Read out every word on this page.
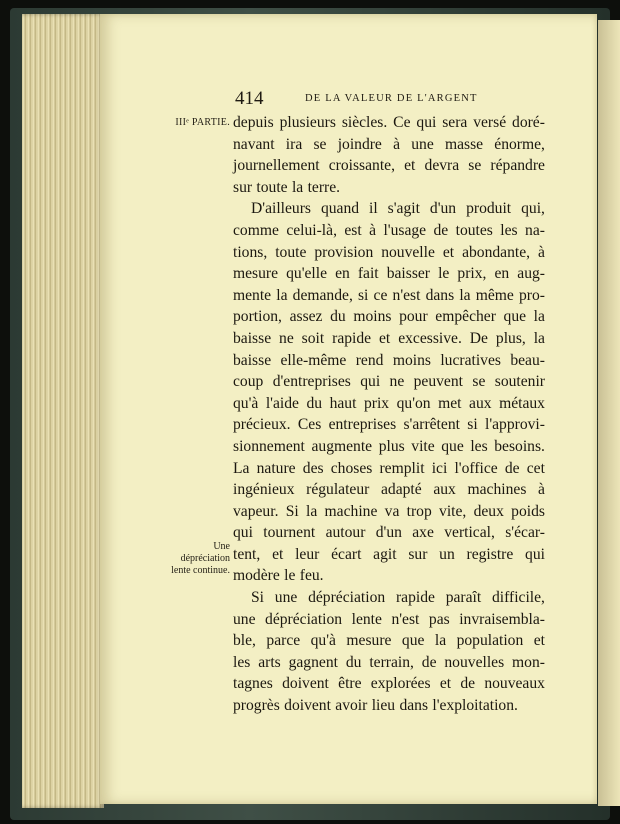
414	DE LA VALEUR DE L'ARGENT
IIIᵉ PARTIE.
Une
dépréciation
lente continue.
depuis plusieurs siècles. Ce qui sera versé doré-
navant ira se joindre à une masse énorme,
journellement croissante, et devra se répandre
sur toute la terre.
D'ailleurs quand il s'agit d'un produit qui,
comme celui-là, est à l'usage de toutes les na-
tions, toute provision nouvelle et abondante, à
mesure qu'elle en fait baisser le prix, en aug-
mente la demande, si ce n'est dans la même pro-
portion, assez du moins pour empêcher que la
baisse ne soit rapide et excessive. De plus, la
baisse elle-même rend moins lucratives beau-
coup d'entreprises qui ne peuvent se soutenir
qu'à l'aide du haut prix qu'on met aux métaux
précieux. Ces entreprises s'arrêtent si l'approvi-
sionnement augmente plus vite que les besoins.
La nature des choses remplit ici l'office de cet
ingénieux régulateur adapté aux machines à
vapeur. Si la machine va trop vite, deux poids
qui tournent autour d'un axe vertical, s'écar-
tent, et leur écart agit sur un registre qui
modère le feu.
Si une dépréciation rapide paraît difficile,
une dépréciation lente n'est pas invraisembla-
ble, parce qu'à mesure que la population et
les arts gagnent du terrain, de nouvelles mon-
tagnes doivent être explorées et de nouveaux
progrès doivent avoir lieu dans l'exploitation.
